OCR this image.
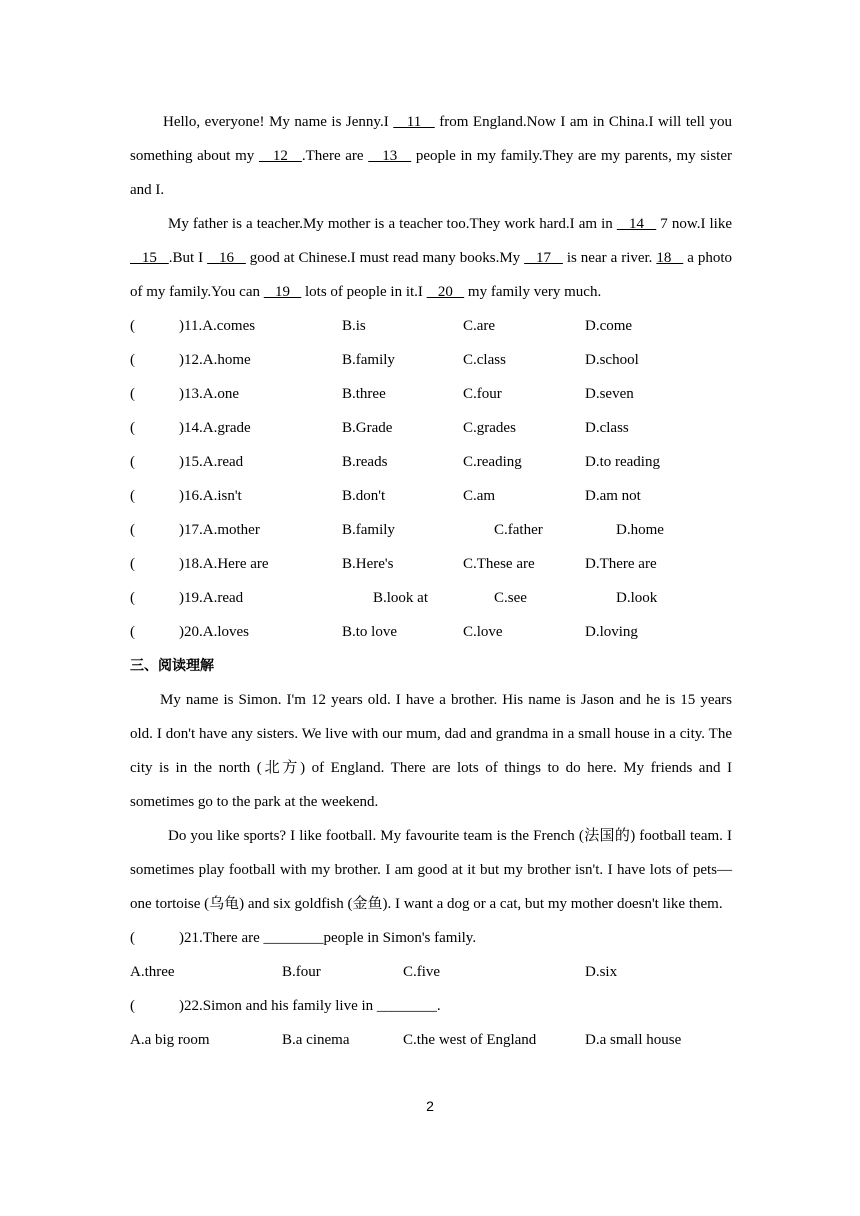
Hello, everyone! My name is Jenny.I    11    from England.Now I am in China.I will tell you something about my    12   .There are    13    people in my family.They are my parents, my sister and I.

My father is a teacher.My mother is a teacher too.They work hard.I am in    14    7 now.I like    15   .But I    16    good at Chinese.I must read many books.My    17    is near a river. 18    a photo of my family.You can    19    lots of people in it.I    20    my family very much.

(	)11.A.comes	B.is	C.are	D.come
(	)12.A.home	B.family	C.class	D.school
(	)13.A.one	B.three	C.four	D.seven
(	)14.A.grade	B.Grade	C.grades	D.class
(	)15.A.read	B.reads	C.reading	D.to reading
(	)16.A.isn't	B.don't	C.am	D.am not
(	)17.A.mother	B.family	C.father	D.home
(	)18.A.Here are	B.Here's	C.These are	D.There are
(	)19.A.read	B.look at	C.see	D.look
(	)20.A.loves	B.to love	C.love	D.loving
三、阅读理解

My name is Simon. I'm 12 years old. I have a brother. His name is Jason and he is 15 years old. I don't have any sisters. We live with our mum, dad and grandma in a small house in a city. The city is in the north (北方) of England. There are lots of things to do here. My friends and I sometimes go to the park at the weekend.

Do you like sports? I like football. My favourite team is the French (法国的) football team. I sometimes play football with my brother. I am good at it but my brother isn't. I have lots of pets—one tortoise (乌龟) and six goldfish (金鱼). I want a dog or a cat, but my mother doesn't like them.

(	)21.There are ________people in Simon's family.
A.three	B.four	C.five	D.six
(	)22.Simon and his family live in ________.
A.a big room	B.a cinema	C.the west of England	D.a small house
2
